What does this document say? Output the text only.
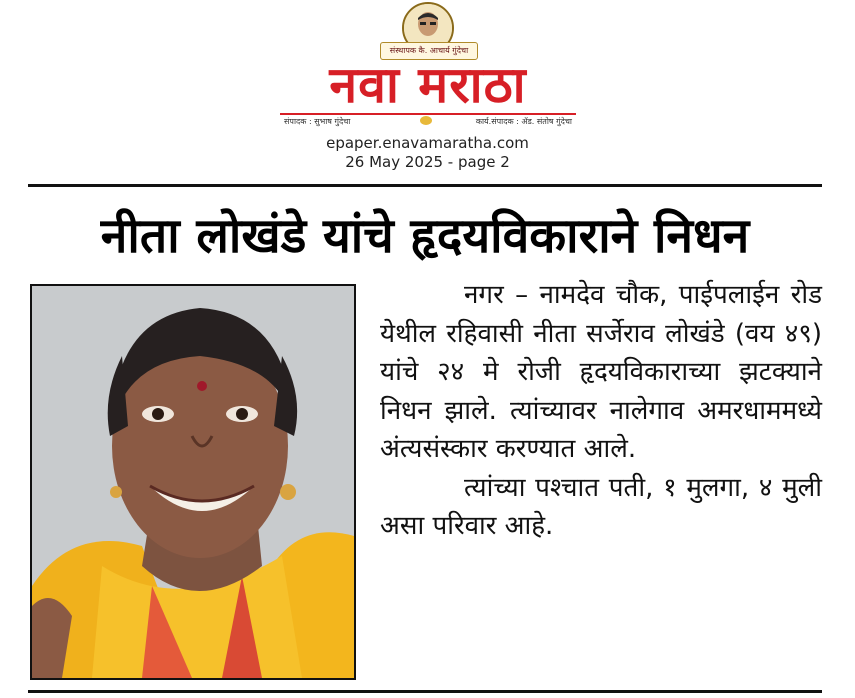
संस्थापक कै. आचार्य गुंदेचा
नवा मराठा
संपादक : सुभाष गुंदेचा	कार्य.संपादक : ॲड. संतोष गुंदेचा
epaper.enavamaratha.com
26 May 2025 - page 2
नीता लोखंडे यांचे हृदयविकाराने निधन

नगर – नामदेव चौक, पाईपलाईन रोड येथील रहिवासी नीता सर्जेराव लोखंडे (वय ४९) यांचे २४ मे रोजी हृदयविकाराच्या झटक्याने निधन झाले. त्यांच्यावर नालेगाव अमरधाममध्ये अंत्यसंस्कार करण्यात आले.

त्यांच्या पश्चात पती, १ मुलगा, ४ मुली असा परिवार आहे.
